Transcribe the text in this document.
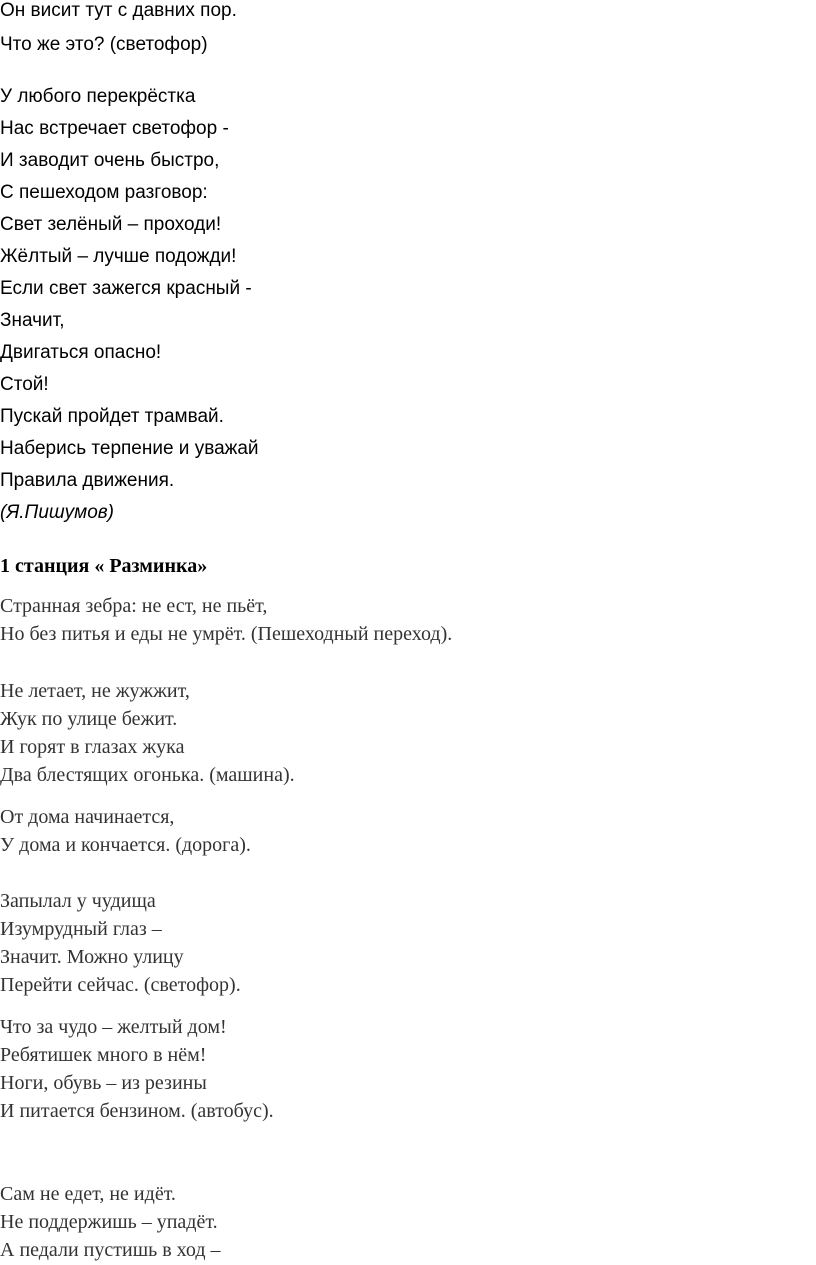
Он висит тут с давних пор.
Что же это? (светофор)
У любого перекрёстка
Нас встречает светофор -
И заводит очень быстро,
С пешеходом разговор:
Свет зелёный – проходи!
Жёлтый – лучше подожди!
Если свет зажегся красный -
Значит,
Двигаться опасно!
Стой!
Пускай пройдет трамвай.
Наберись терпение и уважай
Правила движения.
(Я.Пишумов)
1 станция « Разминка»
Странная зебра: не ест, не пьёт,
Но без питья и еды не умрёт. (Пешеходный переход).
Не летает, не жужжит,
Жук по улице бежит.
И горят в глазах жука
Два блестящих огонька. (машина).
От дома начинается,
У дома и кончается. (дорога).
Запылал у чудища
Изумрудный глаз –
Значит. Можно улицу
Перейти сейчас. (светофор).
Что за чудо – желтый дом!
Ребятишек много в нём!
Ноги, обувь – из резины
И питается бензином. (автобус).
Сам не едет, не идёт.
Не поддержишь – упадёт.
А педали пустишь в ход –
